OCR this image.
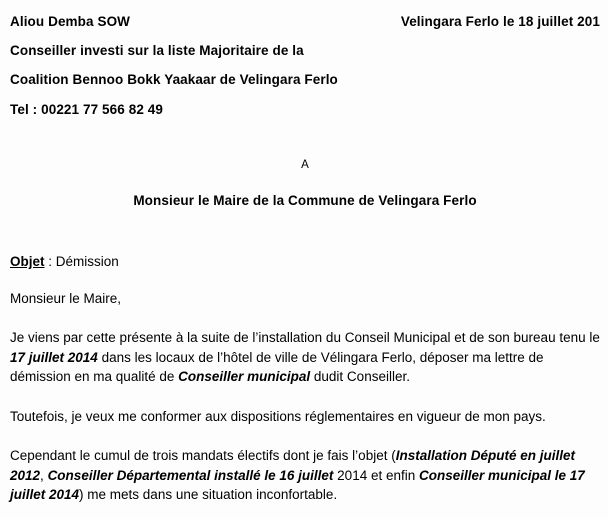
Aliou Demba SOW	Velingara Ferlo le 18 juillet 201
Conseiller investi sur la liste Majoritaire de la
Coalition Bennoo Bokk Yaakaar de Velingara Ferlo
Tel : 00221 77 566 82 49
A
Monsieur le Maire de la Commune de Velingara Ferlo
Objet : Démission
Monsieur le Maire,
Je viens par cette présente à la suite de l’installation du Conseil Municipal et de son bureau tenu le 17 juillet 2014 dans les locaux de l’hôtel de ville de Vélingara Ferlo, déposer ma lettre de démission en ma qualité de Conseiller municipal dudit Conseiller.
Toutefois, je veux me conformer aux dispositions réglementaires en vigueur de mon pays.
Cependant le cumul de trois mandats électifs dont je fais l’objet (Installation Député en juillet 2012, Conseiller Départemental installé le 16 juillet 2014 et enfin Conseiller municipal le 17 juillet 2014) me mets dans une situation inconfortable.
